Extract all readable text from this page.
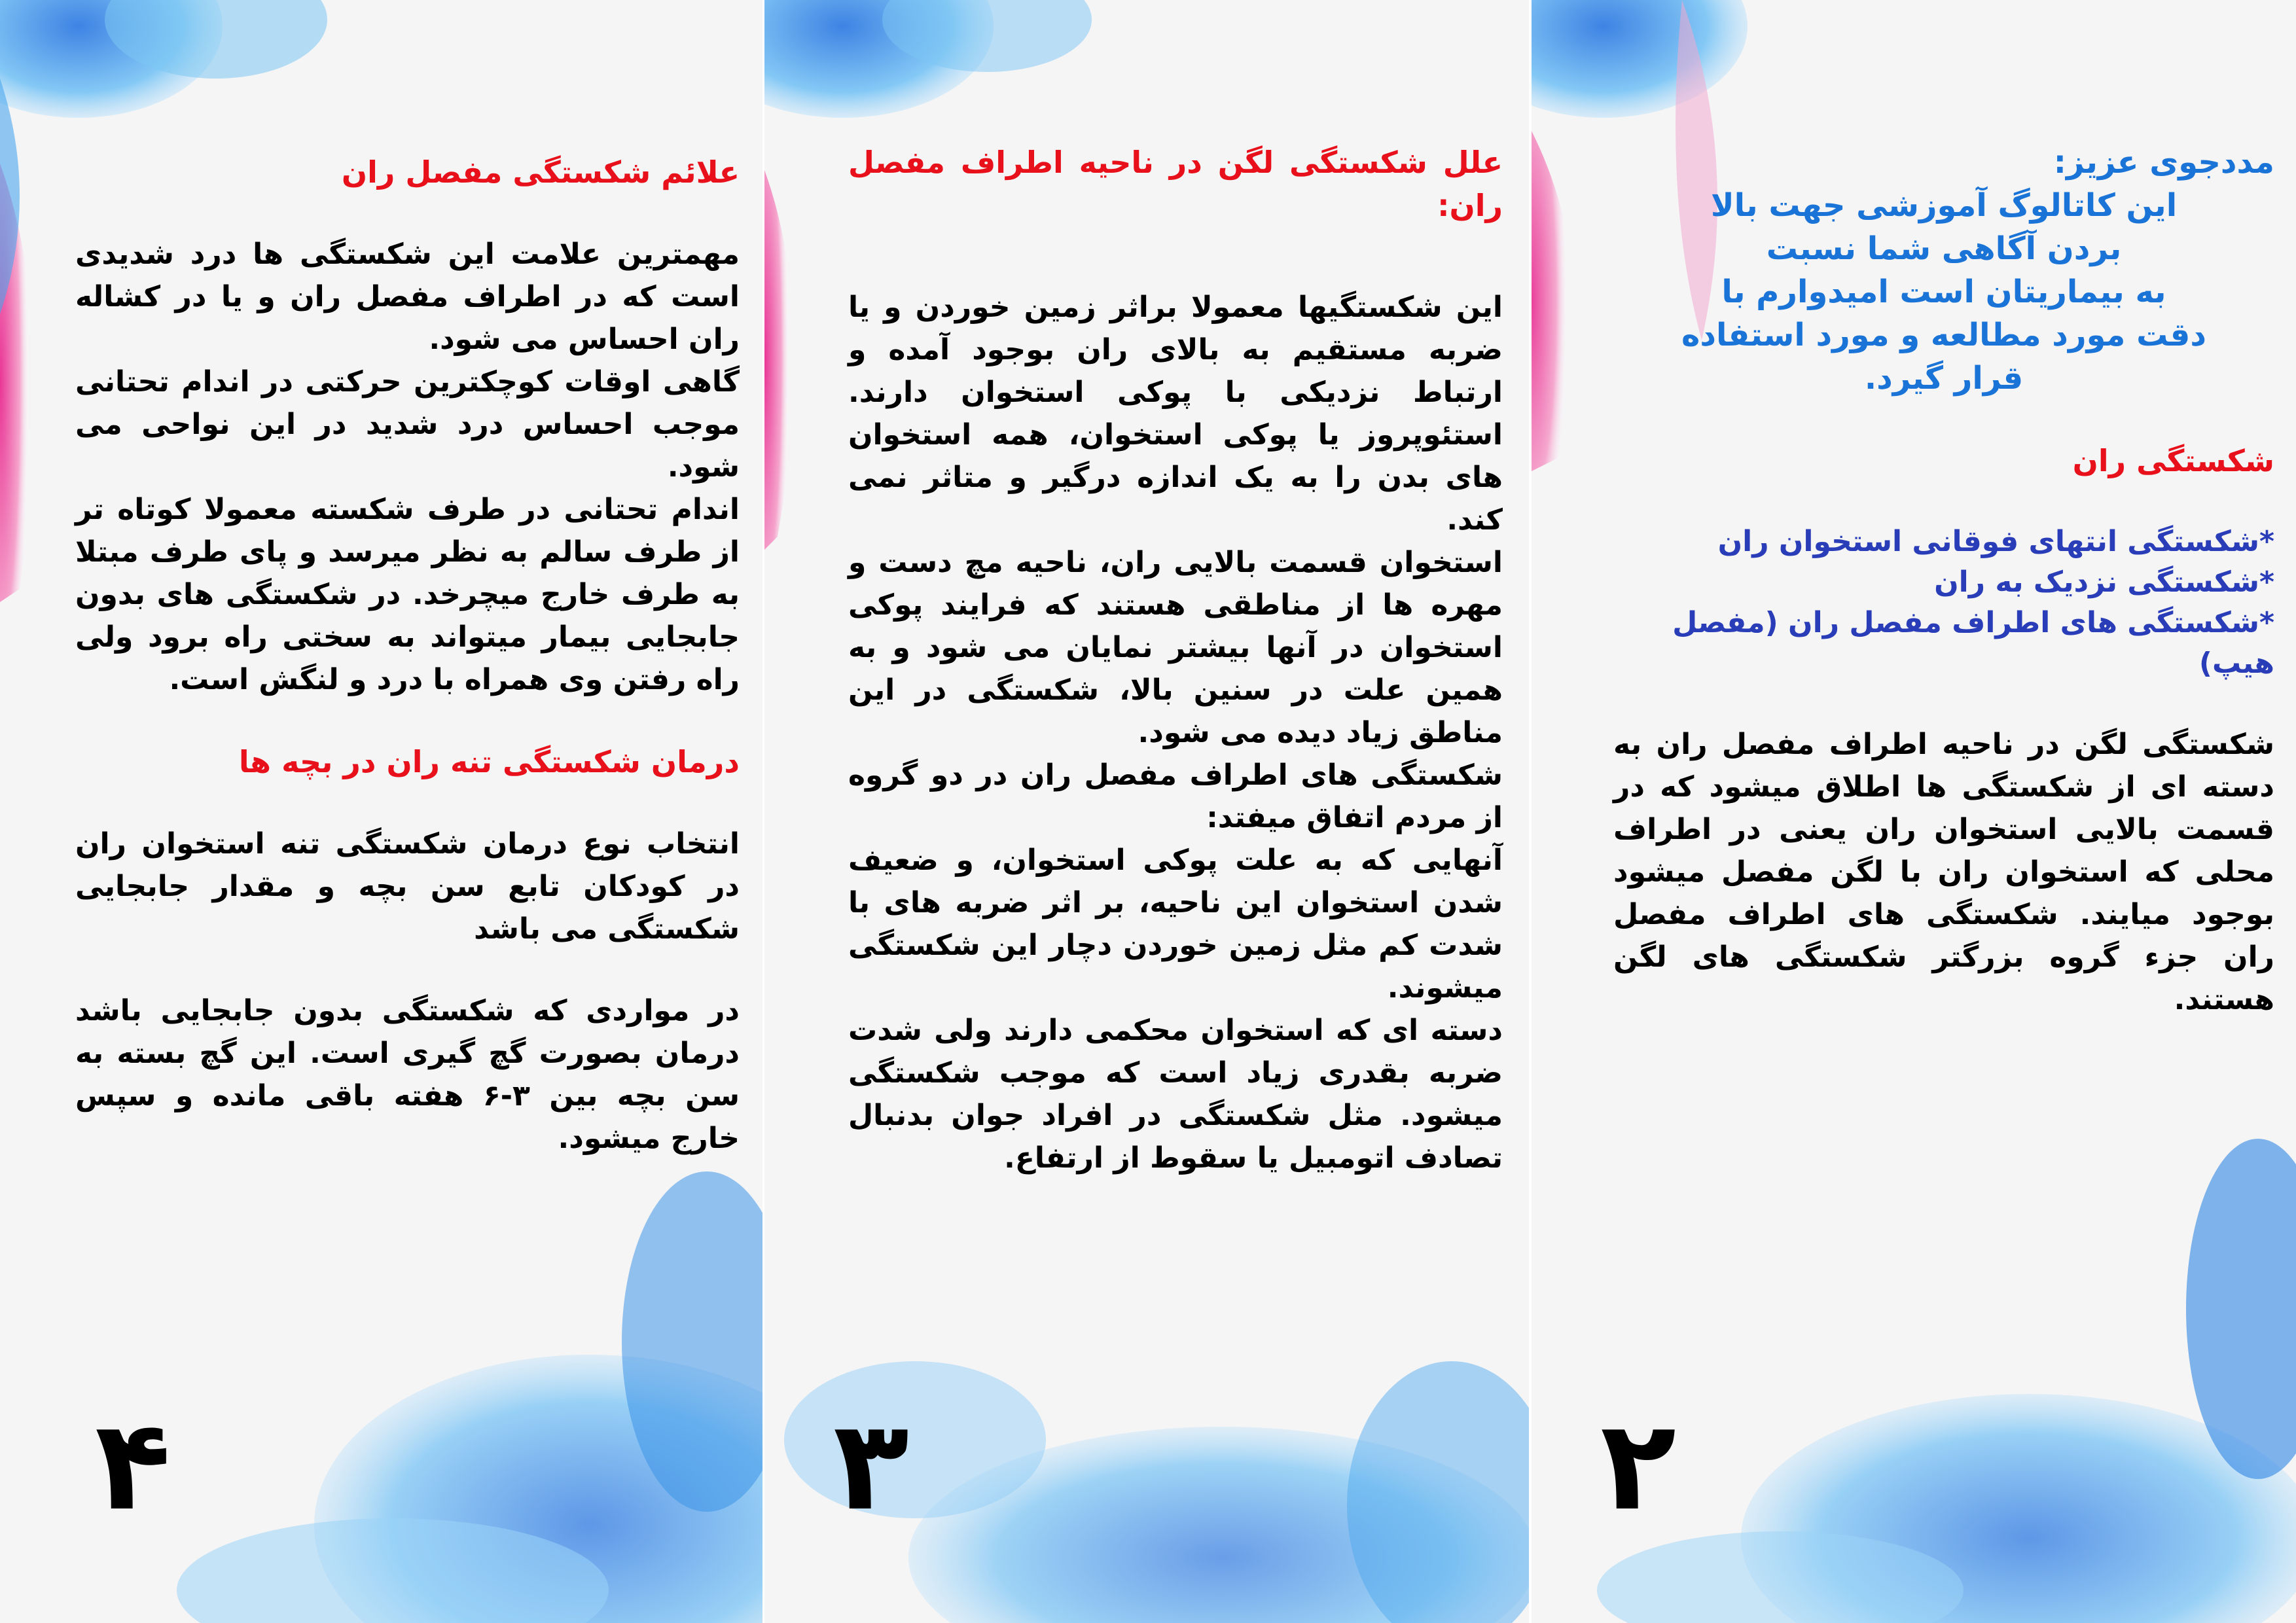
علائم شکستگی مفصل ران

مهمترین علامت این شکستگی ها درد شدیدی است که در اطراف مفصل ران و یا در کشاله ران احساس می شود.

گاهی اوقات کوچکترین حرکتی در اندام تحتانی موجب احساس درد شدید در این نواحی می شود.

اندام تحتانی در طرف شکسته معمولا کوتاه تر از طرف سالم به نظر میرسد و پای طرف مبتلا به طرف خارج میچرخد. در شکستگی های بدون جابجایی بیمار میتواند به سختی راه برود ولی راه رفتن وی همراه با درد و لنگش است.

درمان شکستگی تنه ران در بچه ها

انتخاب نوع درمان شکستگی تنه استخوان ران در کودکان تابع سن بچه و مقدار جابجایی شکستگی می باشد

در مواردی که شکستگی بدون جابجایی باشد درمان بصورت گچ گیری است. این گچ بسته به سن بچه بین ۳-۶ هفته باقی مانده و سپس خارج میشود.

۴
علل شکستگی لگن در ناحیه اطراف مفصل ران:

این شکستگیها معمولا براثر زمین خوردن و یا ضربه مستقیم به بالای ران بوجود آمده و ارتباط نزدیکی با پوکی استخوان دارند. استئوپروز یا پوکی استخوان، همه استخوان های بدن را به یک اندازه درگیر و متاثر نمی کند.

استخوان قسمت بالایی ران، ناحیه مچ دست و مهره ها از مناطقی هستند که فرایند پوکی استخوان در آنها بیشتر نمایان می شود و به همین علت در سنین بالا، شکستگی در این مناطق زیاد دیده می شود.

شکستگی های اطراف مفصل ران در دو گروه از مردم اتفاق میفتد:

آنهایی که به علت پوکی استخوان، و ضعیف شدن استخوان این ناحیه، بر اثر ضربه های با شدت کم مثل زمین خوردن دچار این شکستگی میشوند.

دسته ای که استخوان محکمی دارند ولی شدت ضربه بقدری زیاد است که موجب شکستگی میشود. مثل شکستگی در افراد جوان بدنبال تصادف اتومبیل یا سقوط از ارتفاع.

۳
مددجوی عزیز:
این کاتالوگ آموزشی جهت بالا
بردن آگاهی شما نسبت
به بیماریتان است امیدوارم با
دقت مورد مطالعه و مورد استفاده
قرار گیرد.
شکستگی ران
*شکستگی انتهای فوقانی استخوان ران
*شکستگی نزدیک به ران
*شکستگی های اطراف مفصل ران (مفصل هیپ)

شکستگی لگن در ناحیه اطراف مفصل ران به دسته ای از شکستگی ها اطلاق میشود که در قسمت بالایی استخوان ران یعنی در اطراف محلی که استخوان ران با لگن مفصل میشود بوجود میایند. شکستگی های اطراف مفصل ران جزء گروه بزرگتر شکستگی های لگن هستند.

۲
